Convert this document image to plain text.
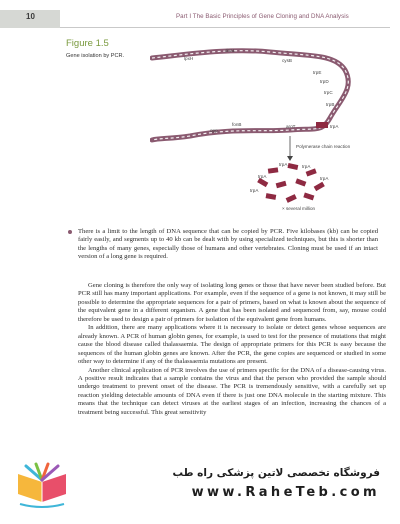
10	Part I The Basic Principles of Gene Cloning and DNA Analysis
Figure 1.5
Gene isolation by PCR.	lpxH
dnaL
cysB
trpE
trpD
trpC
trpB
trpA
fonB
opp
aroT
Polymerase chain reaction
trpA	trpA
trpA	trpA
trpA
× several million

There is a limit to the length of DNA sequence that can be copied by PCR. Five kilobases (kb) can be copied fairly easily, and segments up to 40 kb can be dealt with by using specialized techniques, but this is shorter than the lengths of many genes, especially those of humans and other vertebrates. Cloning must be used if an intact version of a long gene is required.

Gene cloning is therefore the only way of isolating long genes or those that have never been studied before. But PCR still has many important applications. For example, even if the sequence of a gene is not known, it may still be possible to determine the appropriate sequences for a pair of primers, based on what is known about the sequence of the equivalent gene in a different organism. A gene that has been isolated and sequenced from, say, mouse could therefore be used to design a pair of primers for isolation of the equivalent gene from humans.

In addition, there are many applications where it is necessary to isolate or detect genes whose sequences are already known. A PCR of human globin genes, for example, is used to test for the presence of mutations that might cause the blood disease called thalassaemia. The design of appropriate primers for this PCR is easy because the sequences of the human globin genes are known. After the PCR, the gene copies are sequenced or studied in some other way to determine if any of the thalassaemia mutations are present.

Another clinical application of PCR involves the use of primers specific for the DNA of a disease-causing virus. A positive result indicates that a sample contains the virus and that the person who provided the sample should undergo treatment to prevent onset of the disease. The PCR is tremendously sensitive, with a carefully set up reaction yielding detectable amounts of DNA even if there is just one DNA molecule in the starting mixture. This means that the technique can detect viruses at the earliest stages of an infection, increasing the chances of a treatment being successful. This great sensitivity

فروشگاه تخصصی لاتین پزشکی راه طب
www.RaheTeb.com
